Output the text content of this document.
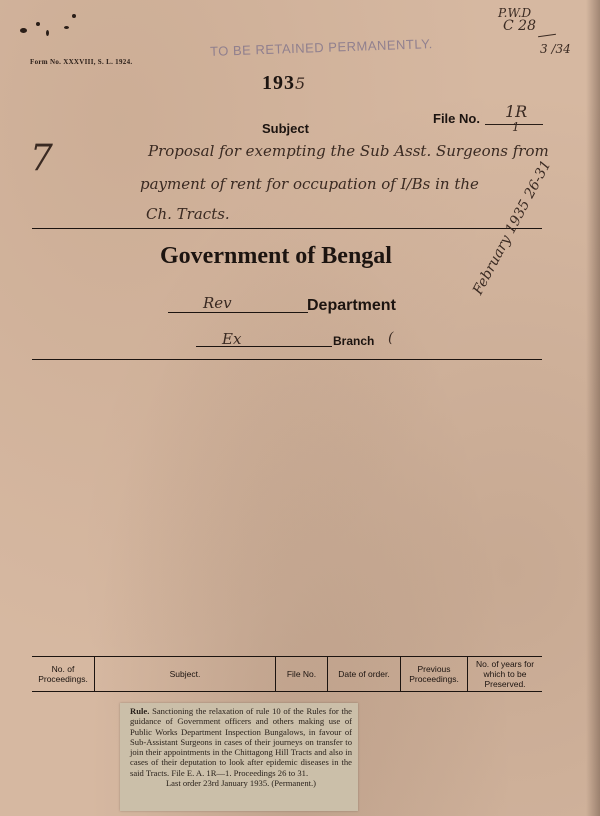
Form No. XXXVIII, S. L. 1924.
TO BE RETAINED PERMANENTLY.
1935
P.W.D
C 28
3 /34
7
Subject
File No. 1R
1
Proposal for exempting the Sub Asst. Surgeons from
payment of rent for occupation of I/Bs in the
Ch. Tracts.
Government of Bengal
Rev	Department
Ex	Branch (
February 1935 26-31
No. of Proceedings.	Subject.	File No.	Date of order.	Previous Proceedings.	No. of years for which to be Preserved.
Rule. Sanctioning the relaxation of rule 10 of the Rules for the guidance of Government officers and others making use of Public Works Department Inspection Bungalows, in favour of Sub-Assistant Surgeons in cases of their journeys on transfer to join their appointments in the Chittagong Hill Tracts and also in cases of their deputation to look after epidemic diseases in the said Tracts. File E. A. 1R—1. Proceedings 26 to 31.
Last order 23rd January 1935. (Permanent.)
